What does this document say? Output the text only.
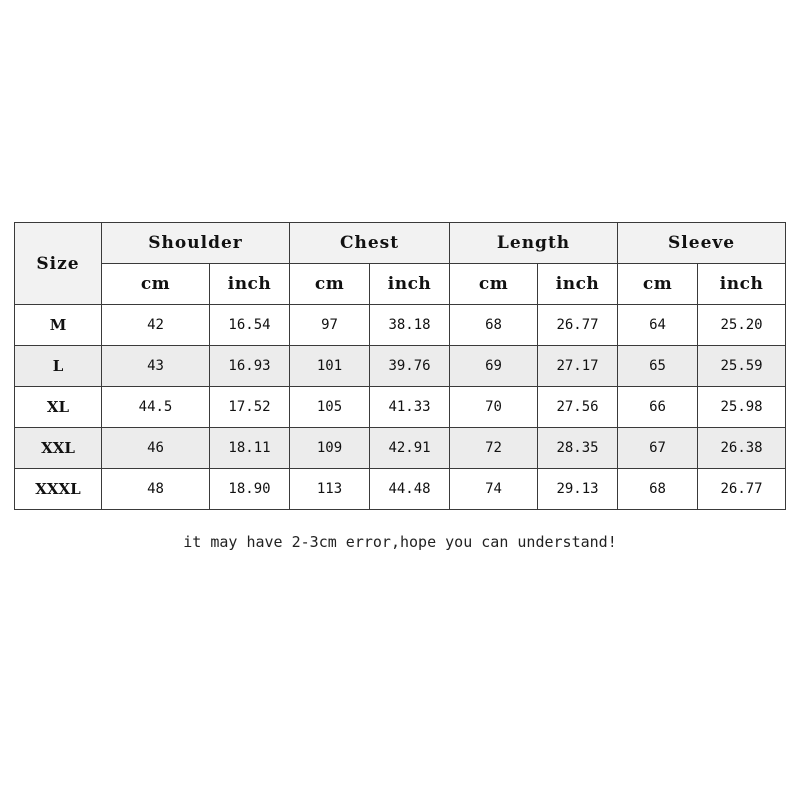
Size	Shoulder		Chest		Length		Sleeve	
	cm	inch	cm	inch	cm	inch	cm	inch
M	42	16.54	97	38.18	68	26.77	64	25.20
L	43	16.93	101	39.76	69	27.17	65	25.59
XL	44.5	17.52	105	41.33	70	27.56	66	25.98
XXL	46	18.11	109	42.91	72	28.35	67	26.38
XXXL	48	18.90	113	44.48	74	29.13	68	26.77
it may have 2-3cm error,hope you can understand!
